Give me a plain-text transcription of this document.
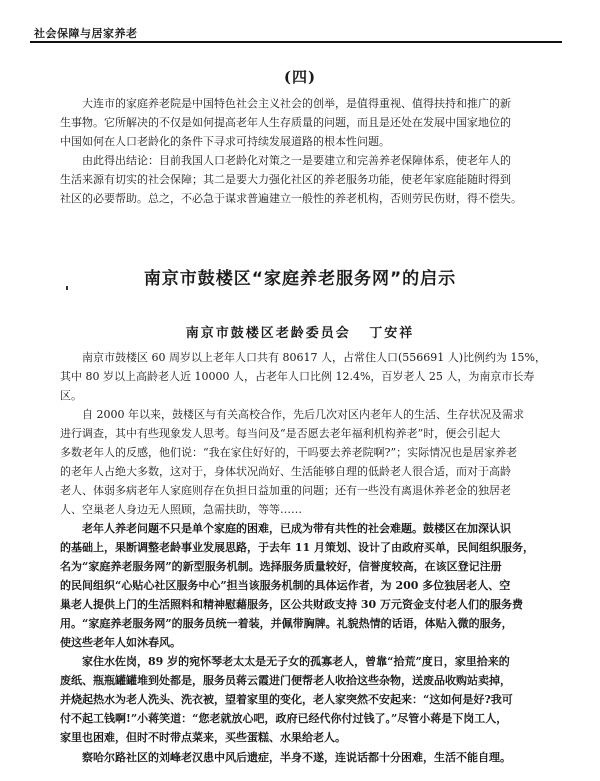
社会保障与居家养老
(四)
大连市的家庭养老院是中国特色社会主义社会的创举，是值得重视、值得扶持和推广的新
生事物。它所解决的不仅是如何提高老年人生存质量的问题，而且是还处在发展中国家地位的
中国如何在人口老龄化的条件下寻求可持续发展道路的根本性问题。
由此得出结论：目前我国人口老龄化对策之一是要建立和完善养老保障体系，使老年人的
生活来源有切实的社会保障；其二是要大力强化社区的养老服务功能，使老年家庭能随时得到
社区的必要帮助。总之，不必急于谋求普遍建立一般性的养老机构，否则劳民伤财，得不偿失。
南京市鼓楼区“家庭养老服务网”的启示
南京市鼓楼区老龄委员会 丁安祥
南京市鼓楼区 60 周岁以上老年人口共有 80617 人，占常住人口(556691 人)比例约为 15%，
其中 80 岁以上高龄老人近 10000 人，占老年人口比例 12.4%，百岁老人 25 人，为南京市长寿
区。
自 2000 年以来，鼓楼区与有关高校合作，先后几次对区内老年人的生活、生存状况及需求
进行调查，其中有些现象发人思考。每当问及“是否愿去老年福利机构养老”时，便会引起大
多数老年人的反感，他们说：“我在家住好好的，干吗要去养老院啊?”；实际情况也是居家养老
的老年人占绝大多数，这对于，身体状况尚好、生活能够自理的低龄老人很合适，而对于高龄
老人、体弱多病老年人家庭则存在负担日益加重的问题；还有一些没有离退休养老金的独居老
人、空巢老人身边无人照顾，急需扶助，等等……
老年人养老问题不只是单个家庭的困难，已成为带有共性的社会难题。鼓楼区在加深认识
的基础上，果断调整老龄事业发展思路，于去年 11 月策划、设计了由政府买单，民间组织服务，
名为“家庭养老服务网”的新型服务机制。选择服务质量较好，信誉度较高，在该区登记注册
的民间组织“心贴心社区服务中心”担当该服务机制的具体运作者，为 200 多位独居老人、空
巢老人提供上门的生活照料和精神慰藉服务，区公共财政支持 30 万元资金支付老人们的服务费
用。“家庭养老服务网”的服务员统一着装，并佩带胸牌。礼貌热情的话语，体贴入微的服务，
使这些老年人如沐春风。
家住水佐岗，89 岁的宛怀琴老太太是无子女的孤寡老人，曾靠“拾荒”度日，家里拾来的
废纸、瓶瓶罐罐堆到处都是，服务员蒋云霞进门便帮老人收拾这些杂物，送废品收购站卖掉，
并烧起热水为老人洗头、洗衣被，望着家里的变化，老人家突然不安起来：“这如何是好?我可
付不起工钱啊!”小蒋笑道：“您老就放心吧，政府已经代你付过钱了。”尽管小蒋是下岗工人，
家里也困难，但时不时带点菜来，买些蛋糕、水果给老人。
察哈尔路社区的刘峰老汉患中风后遗症，半身不遂，连说话都十分困难，生活不能自理。
